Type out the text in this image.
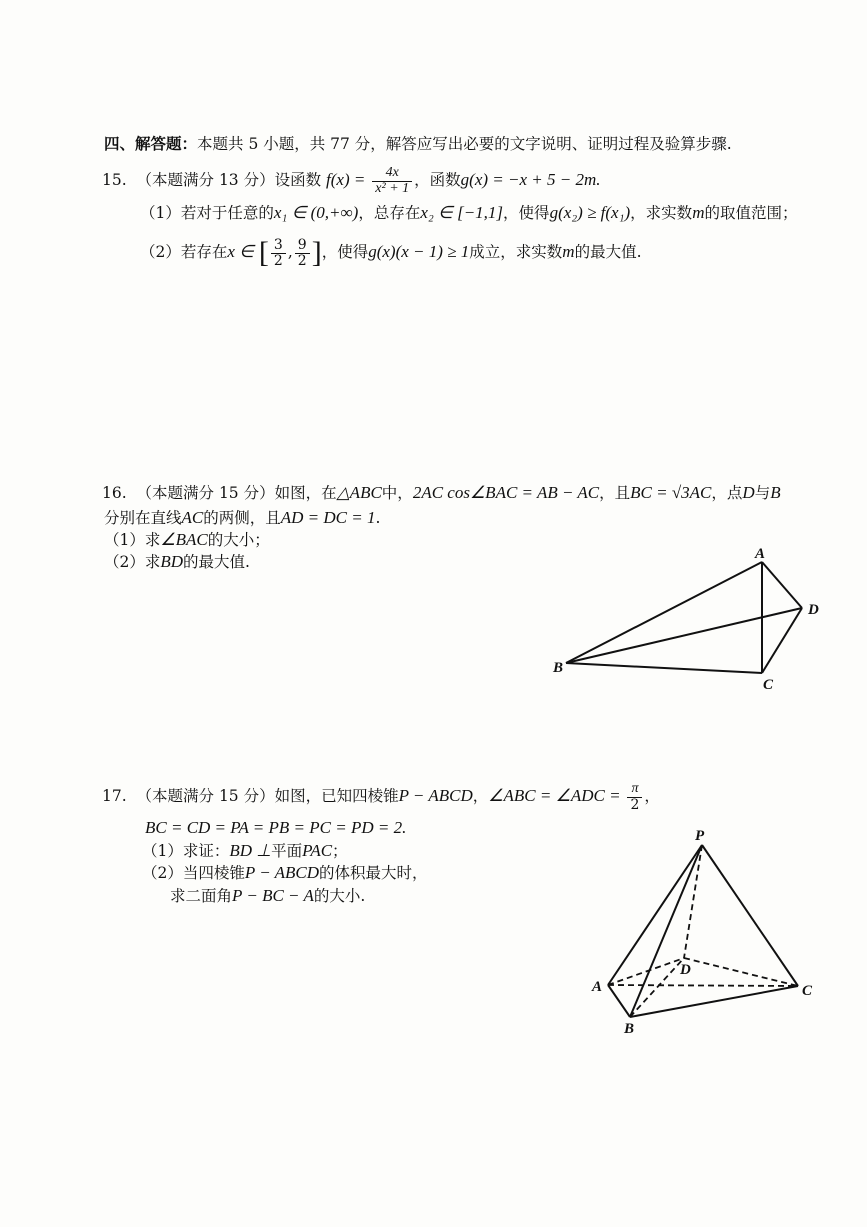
四、解答题：本题共 5 小题，共 77 分，解答应写出必要的文字说明、证明过程及验算步骤.
15. （本题满分 13 分）设函数 $f(x) = \frac{4x}{\text{x² + 1}}$ ，函数g(x) = −x + 5 − 2m.
（1）若对于任意的x₁ ∈ (0,+∞)，总存在x₂ ∈ [−1,1]，使得g(x₂) ≥ f(x₁)，求实数m的取值范围；
（2）若存在x ∈ [ $\frac{3}{2}$ , $\frac{9}{2}$ ]，使得g(x)(x − 1) ≥ 1成立，求实数m的最大值.
16. （本题满分 15 分）如图，在△ABC中，2AC cos∠BAC = AB − AC，且BC = √3AC，点D与B
分别在直线AC的两侧，且AD = DC = 1.
（1）求∠BAC的大小；
（2）求BD的最大值.	A
B
C
D
17. （本题满分 15 分）如图，已知四棱锥P − ABCD，∠ABC = ∠ADC = $\frac{\pi}{2}$ ，
BC = CD = PA = PB = PC = PD = 2.
（1）求证：BD ⊥平面PAC；
（2）当四棱锥P − ABCD的体积最大时，
求二面角P − BC − A的大小.
P
A
B
C
D
